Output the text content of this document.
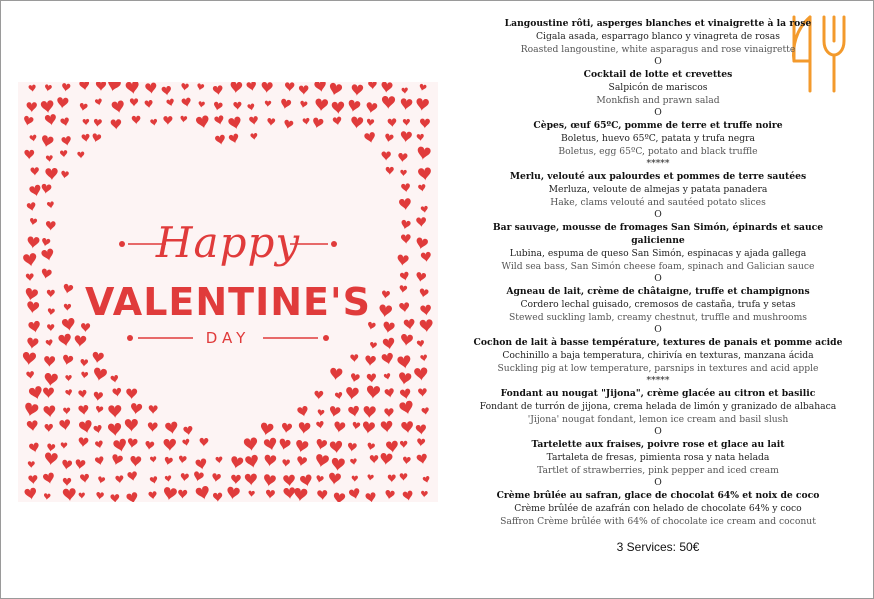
Happy
VALENTINE'S
DAY
Langoustine rôti, asperges blanches et vinaigrette à la rose
Cigala asada, esparrago blanco y vinagreta de rosas
Roasted langoustine, white asparagus and rose vinaigrette
O
Cocktail de lotte et crevettes
Salpicón de mariscos
Monkfish and prawn salad
O
Cèpes, œuf 65ºC, pomme de terre et truffe noire
Boletus, huevo 65ºC, patata y trufa negra
Boletus, egg 65ºC, potato and black truffle
*****
Merlu, velouté aux palourdes et pommes de terre sautées
Merluza, veloute de almejas y patata panadera
Hake, clams velouté and sautéed potato slices
O
Bar sauvage, mousse de fromages San Simón, épinards et sauce galicienne
Lubina, espuma de queso San Simón, espinacas y ajada gallega
Wild sea bass, San Simón cheese foam, spinach and Galician sauce
O
Agneau de lait, crème de châtaigne, truffe et champignons
Cordero lechal guisado, cremosos de castaña, trufa y setas
Stewed suckling lamb, creamy chestnut, truffle and mushrooms
O
Cochon de lait à basse température, textures de panais et pomme acide
Cochinillo a baja temperatura, chirivía en texturas, manzana ácida
Suckling pig at low temperature, parsnips in textures and acid apple
*****
Fondant au nougat "Jijona", crème glacée au citron et basilic
Fondant de turrón de jijona, crema helada de limón y granizado de albahaca
'Jijona' nougat fondant, lemon ice cream and basil slush
O
Tartelette aux fraises, poivre rose et glace au lait
Tartaleta de fresas, pimienta rosa y nata helada
Tartlet of strawberries, pink pepper and iced cream
O
Crème brûlée au safran, glace de chocolat 64% et noix de coco
Crème brûlée de azafrán con helado de chocolate 64% y coco
Saffron Crème brûlée with 64% of chocolate ice cream and coconut
3 Services: 50€
